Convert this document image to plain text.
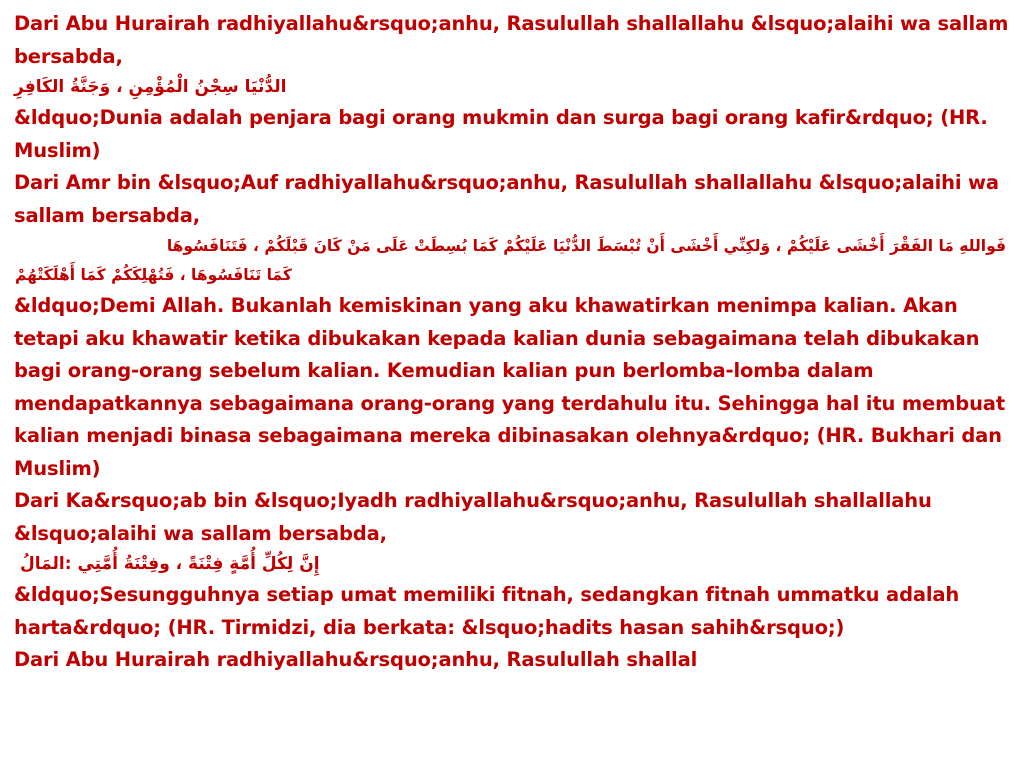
Dari Abu Hurairah radhiyallahu&rsquo;anhu, Rasulullah shallallahu &lsquo;alaihi wa sallam bersabda,

الدُّنْيَا سِجْنُ الْمُؤْمِنِ ، وَجَنَّةُ الكَافِرِ

&ldquo;Dunia adalah penjara bagi orang mukmin dan surga bagi orang kafir&rdquo; (HR. Muslim)

Dari Amr bin &lsquo;Auf radhiyallahu&rsquo;anhu, Rasulullah shallallahu &lsquo;alaihi wa sallam bersabda,

فَواللهِ مَا الفَقْرَ أَخْشَى عَلَيْكُمْ ، وَلكِنِّي أَخْشَى أَنْ تُبْسَطَ الدُّنْيَا عَلَيْكُمْ كَمَا بُسِطَتْ عَلَى مَنْ كَانَ قَبْلَكُمْ ، فَتَنَافَسُوهَا

كَمَا تَنَافَسُوهَا ، فَتُهْلِكَكُمْ كَمَا أَهْلَكَتْهُمْ

&ldquo;Demi Allah. Bukanlah kemiskinan yang aku khawatirkan menimpa kalian. Akan tetapi aku khawatir ketika dibukakan kepada kalian dunia sebagaimana telah dibukakan bagi orang-orang sebelum kalian. Kemudian kalian pun berlomba-lomba dalam mendapatkannya sebagaimana orang-orang yang terdahulu itu. Sehingga hal itu membuat kalian menjadi binasa sebagaimana mereka dibinasakan olehnya&rdquo; (HR. Bukhari dan Muslim)

Dari Ka&rsquo;ab bin &lsquo;Iyadh radhiyallahu&rsquo;anhu, Rasulullah shallallahu &lsquo;alaihi wa sallam bersabda,

إِنَّ لِكُلِّ أُمَّةٍ فِتْنَةً ، وفِتْنَةُ أُمَّتِي :المَالُ

&ldquo;Sesungguhnya setiap umat memiliki fitnah, sedangkan fitnah ummatku adalah harta&rdquo; (HR. Tirmidzi, dia berkata: &lsquo;hadits hasan sahih&rsquo;)

Dari Abu Hurairah radhiyallahu&rsquo;anhu, Rasulullah shallal
